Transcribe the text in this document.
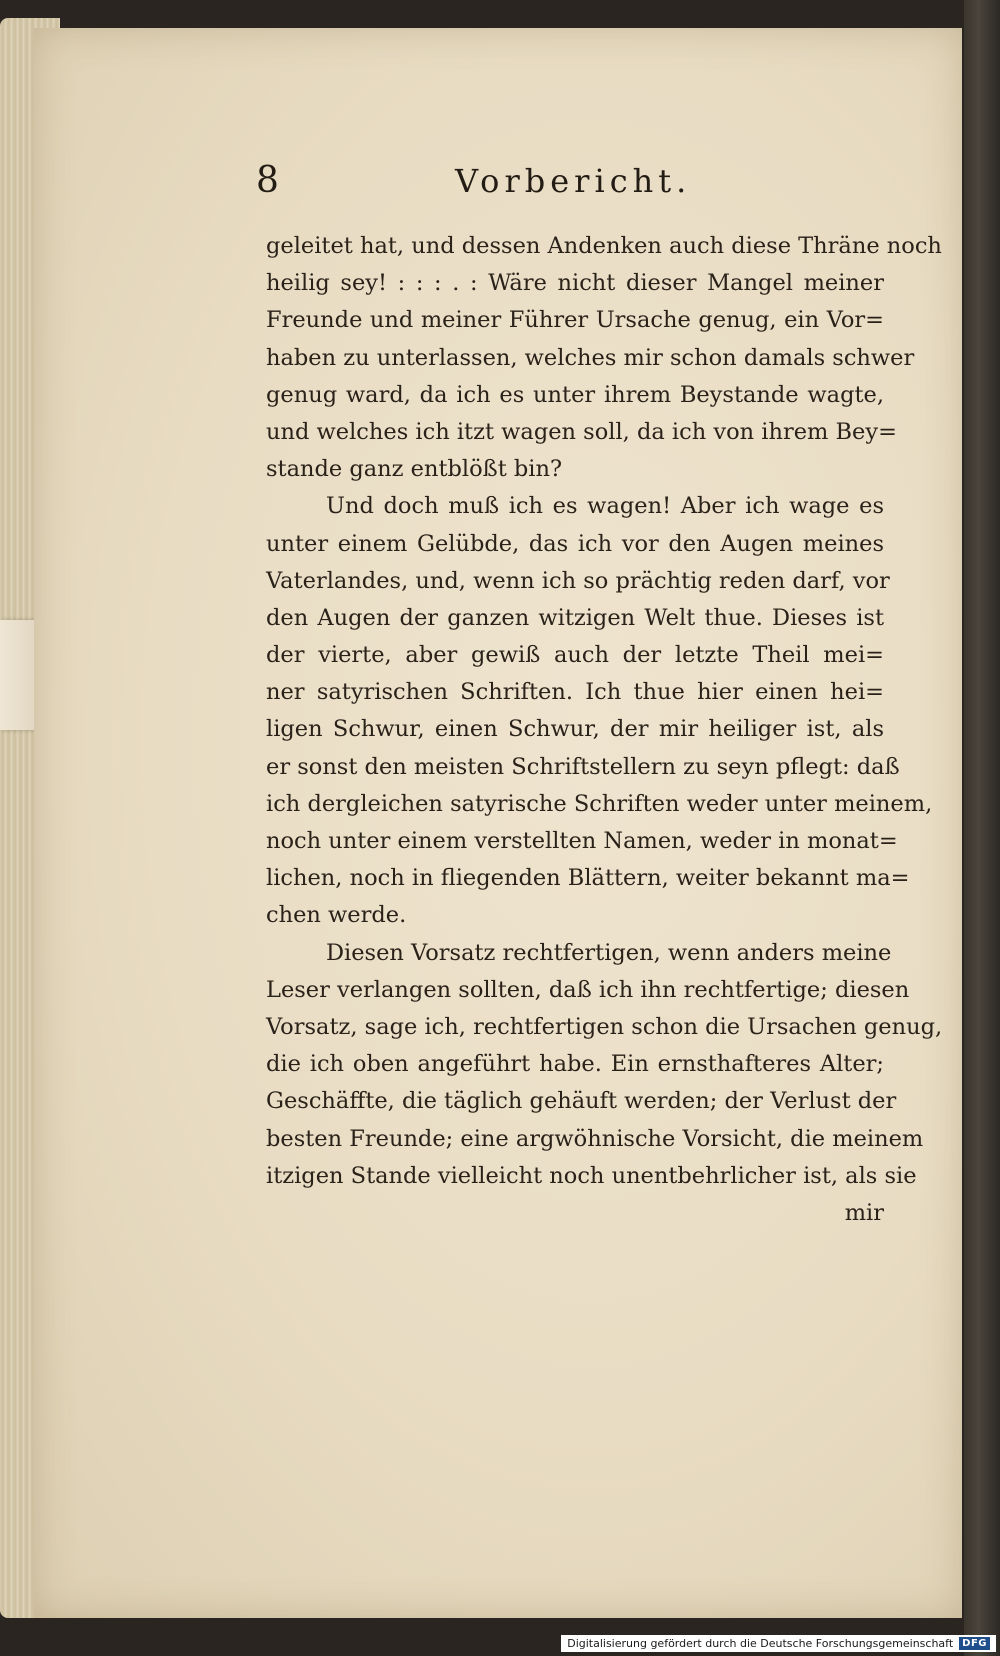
8	Vorbericht.
geleitet hat, und dessen Andenken auch diese Thräne noch
heilig sey! : : : . : Wäre nicht dieser Mangel meiner
Freunde und meiner Führer Ursache genug, ein Vor=
haben zu unterlassen, welches mir schon damals schwer
genug ward, da ich es unter ihrem Beystande wagte,
und welches ich itzt wagen soll, da ich von ihrem Bey=
stande ganz entblößt bin?
Und doch muß ich es wagen! Aber ich wage es
unter einem Gelübde, das ich vor den Augen meines
Vaterlandes, und, wenn ich so prächtig reden darf, vor
den Augen der ganzen witzigen Welt thue. Dieses ist
der vierte, aber gewiß auch der letzte Theil mei=
ner satyrischen Schriften. Ich thue hier einen hei=
ligen Schwur, einen Schwur, der mir heiliger ist, als
er sonst den meisten Schriftstellern zu seyn pflegt: daß
ich dergleichen satyrische Schriften weder unter meinem,
noch unter einem verstellten Namen, weder in monat=
lichen, noch in fliegenden Blättern, weiter bekannt ma=
chen werde.
Diesen Vorsatz rechtfertigen, wenn anders meine
Leser verlangen sollten, daß ich ihn rechtfertige; diesen
Vorsatz, sage ich, rechtfertigen schon die Ursachen genug,
die ich oben angeführt habe. Ein ernsthafteres Alter;
Geschäffte, die täglich gehäuft werden; der Verlust der
besten Freunde; eine argwöhnische Vorsicht, die meinem
itzigen Stande vielleicht noch unentbehrlicher ist, als sie
mir
Digitalisierung gefördert durch die Deutsche Forschungsgemeinschaft DFG
